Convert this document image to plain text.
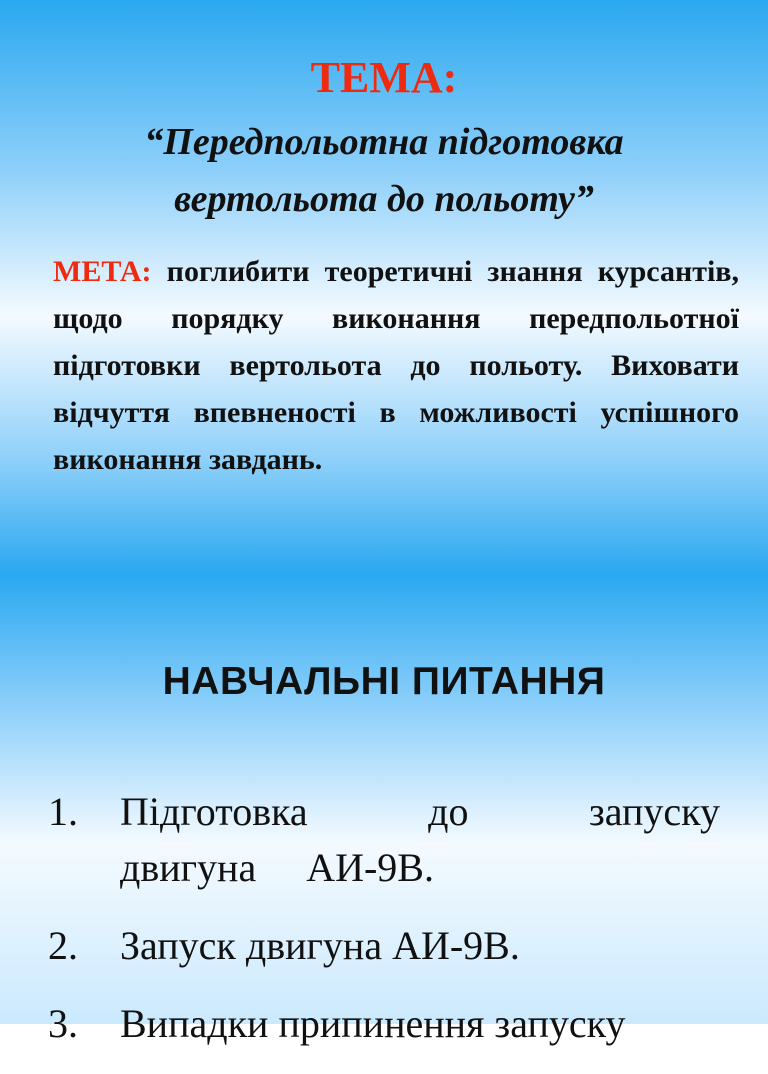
ТЕМА:
“Передпольотна підготовка
вертольота до польоту”

МЕТА: поглибити теоретичні знання курсантів, щодо порядку виконання передпольотної підготовки вертольота до польоту. Виховати відчуття впевненості в можливості успішного виконання завдань.

НАВЧАЛЬНІ ПИТАННЯ
1. Підготовка до запуску двигуна АИ-9В.
2. Запуск двигуна АИ-9В.
3. Випадки припинення запуску
